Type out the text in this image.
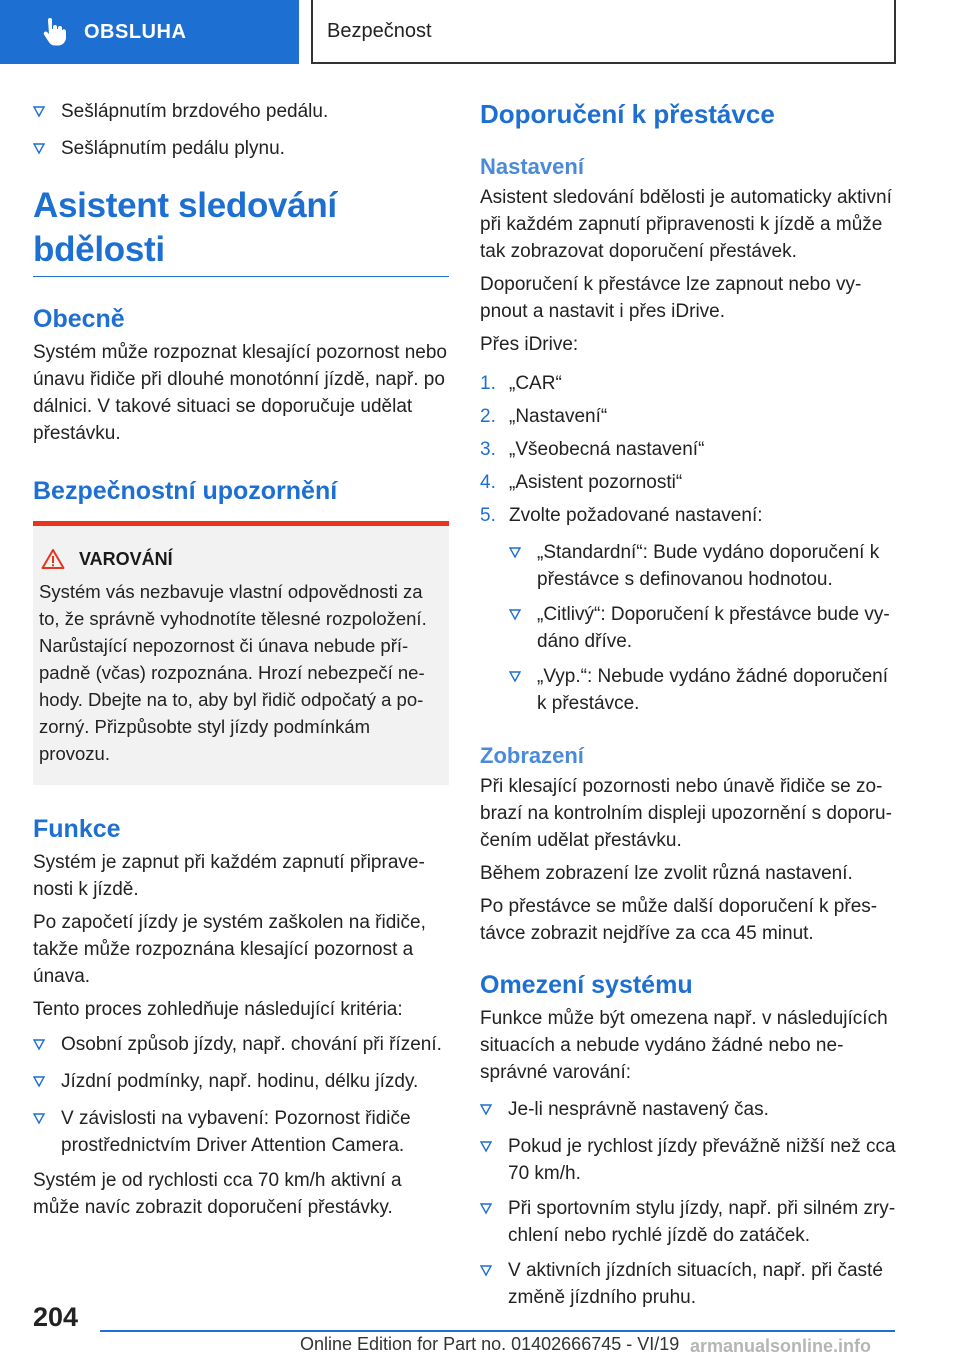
OBSLUHA	Bezpečnost
Sešlápnutím brzdového pedálu.
Sešlápnutím pedálu plynu.
Asistent sledování bdělosti
Obecně

Systém může rozpoznat klesající pozornost nebo únavu řidiče při dlouhé monotónní jízdě, např. po dálnici. V takové situaci se doporučuje udělat přestávku.

Bezpečnostní upozornění
VAROVÁNÍ

Systém vás nezbavuje vlastní odpovědnosti za to, že správně vyhodnotíte tělesné rozpoložení. Narůstající nepozornost či únava nebude případně (včas) rozpoznána. Hrozí nebezpečí nehody. Dbejte na to, aby byl řidič odpočatý a pozorný. Přizpůsobte styl jízdy podmínkám provozu.

Funkce

Systém je zapnut při každém zapnutí připravenosti k jízdě.

Po započetí jízdy je systém zaškolen na řidiče, takže může rozpoznána klesající pozornost a únava.

Tento proces zohledňuje následující kritéria:

Osobní způsob jízdy, např. chování při řízení.
Jízdní podmínky, např. hodinu, délku jízdy.
V závislosti na vybavení: Pozornost řidiče prostřednictvím Driver Attention Camera.

Systém je od rychlosti cca 70 km/h aktivní a může navíc zobrazit doporučení přestávky.

Doporučení k přestávce
Nastavení

Asistent sledování bdělosti je automaticky aktivní při každém zapnutí připravenosti k jízdě a může tak zobrazovat doporučení přestávek.

Doporučení k přestávce lze zapnout nebo vypnout a nastavit i přes iDrive.

Přes iDrive:

1. „CAR“
2. „Nastavení“
3. „Všeobecná nastavení“
4. „Asistent pozornosti“
5. Zvolte požadované nastavení:
„Standardní“: Bude vydáno doporučení k přestávce s definovanou hodnotou.
„Citlivý“: Doporučení k přestávce bude vydáno dříve.
„Vyp.“: Nebude vydáno žádné doporučení k přestávce.
Zobrazení

Při klesající pozornosti nebo únavě řidiče se zobrazí na kontrolním displeji upozornění s doporučením udělat přestávku.

Během zobrazení lze zvolit různá nastavení.

Po přestávce se může další doporučení k přestávce zobrazit nejdříve za cca 45 minut.

Omezení systému

Funkce může být omezena např. v následujících situacích a nebude vydáno žádné nebo nesprávné varování:

Je-li nesprávně nastavený čas.
Pokud je rychlost jízdy převážně nižší než cca 70 km/h.
Při sportovním stylu jízdy, např. při silném zrychlení nebo rychlé jízdě do zatáček.
V aktivních jízdních situacích, např. při časté změně jízdního pruhu.
204
Online Edition for Part no. 01402666745 - VI/19 armanualsonline.info
